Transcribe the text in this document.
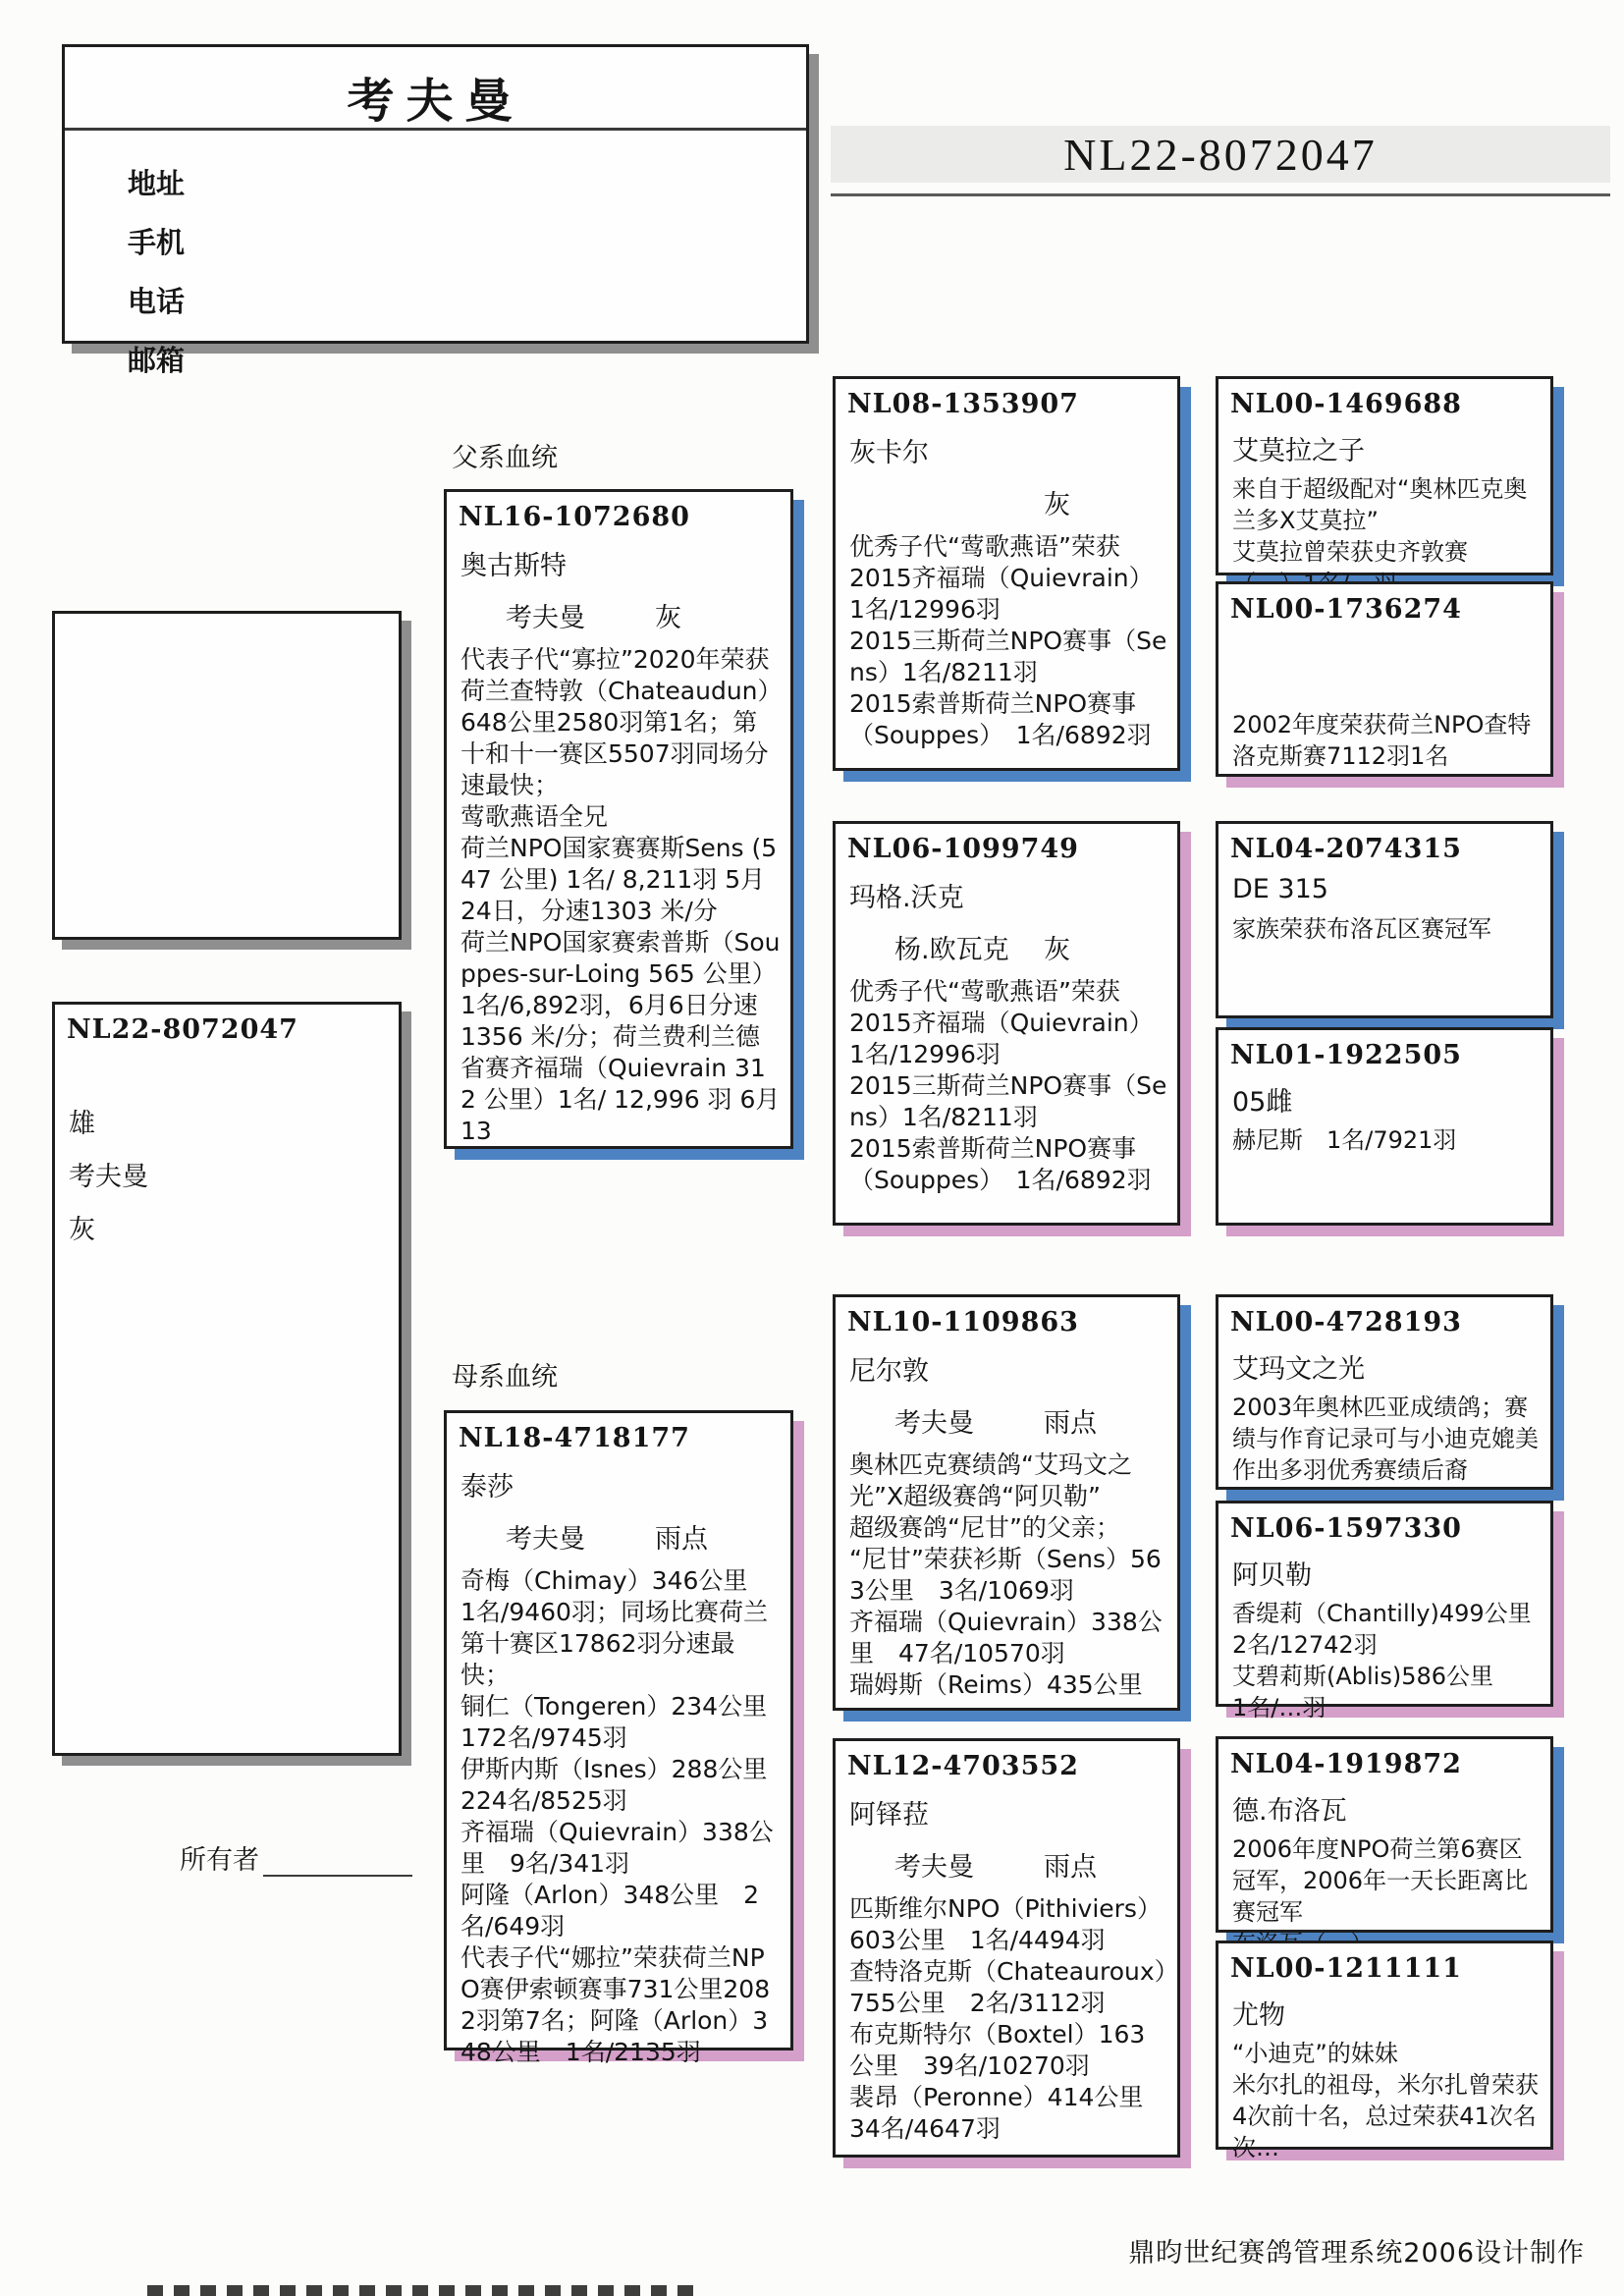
考夫曼
地址
手机
电话
邮箱
NL22-8072047
父系血统
母系血统
NL22-8072047
雄
考夫曼
灰
NL16-1072680
奥古斯特
考夫曼	灰
代表子代“寡拉”2020年荣获荷兰查特敦（Chateaudun）648公里2580羽第1名；第十和十一赛区5507羽同场分速最快；
莺歌燕语全兄
荷兰NPO国家赛赛斯Sens (547 公里) 1名/ 8,211羽 5月24日，分速1303 米/分
荷兰NPO国家赛索普斯（Souppes-sur-Loing 565 公里）1名/6,892羽，6月6日分速
1356 米/分；荷兰费利兰德省赛齐福瑞（Quievrain 312 公里）1名/ 12,996 羽 6月13
NL18-4718177
泰莎
考夫曼	雨点
奇梅（Chimay）346公里　1名/9460羽；同场比赛荷兰第十赛区17862羽分速最快；
铜仁（Tongeren）234公里 172名/9745羽
伊斯内斯（Isnes）288公里 224名/8525羽
齐福瑞（Quievrain）338公里　9名/341羽
阿隆（Arlon）348公里　2名/649羽
代表子代“娜拉”荣获荷兰NPO赛伊索顿赛事731公里2082羽第7名；阿隆（Arlon）348公里　1名/2135羽
NL08-1353907
灰卡尔
灰
优秀子代“莺歌燕语”荣获
2015齐福瑞（Quievrain）　1名/12996羽
2015三斯荷兰NPO赛事（Sens）1名/8211羽
2015索普斯荷兰NPO赛事（Souppes）　1名/6892羽
NL06-1099749
玛格.沃克
杨.欧瓦克	灰
优秀子代“莺歌燕语”荣获
2015齐福瑞（Quievrain）　1名/12996羽
2015三斯荷兰NPO赛事（Sens）1名/8211羽
2015索普斯荷兰NPO赛事（Souppes）　1名/6892羽
NL10-1109863
尼尔敦
考夫曼	雨点
奥林匹克赛绩鸽“艾玛文之光”X超级赛鸽“阿贝勒”
超级赛鸽“尼甘”的父亲；
“尼甘”荣获衫斯（Sens）563公里　3名/1069羽
齐福瑞（Quievrain）338公里　47名/10570羽
瑞姆斯（Reims）435公里
NL12-4703552
阿铎菈
考夫曼	雨点
匹斯维尔NPO（Pithiviers）603公里　1名/4494羽
查特洛克斯（Chateauroux）755公里　2名/3112羽
布克斯特尔（Boxtel）163公里　39名/10270羽
裴昂（Peronne）414公里　34名/4647羽
NL00-1469688
艾莫拉之子
来自于超级配对“奥林匹克奥兰多X艾莫拉”
艾莫拉曾荣获史齐敦赛
NL00-1736274
2002年度荣获荷兰NPO查特洛克斯赛7112羽1名
NL04-2074315
DE 315
家族荣获布洛瓦区赛冠军
NL01-1922505
05雌
赫尼斯　1名/7921羽
NL00-4728193
艾玛文之光
2003年奥林匹亚成绩鸽；赛绩与作育记录可与小迪克媲美
作出多羽优秀赛绩后裔
NL06-1597330
阿贝勒
香缇莉（Chantilly)499公里　2名/12742羽
艾碧莉斯(Ablis)586公里
1名/…羽
NL04-1919872
德.布洛瓦
2006年度NPO荷兰第6赛区冠军，2006年一天长距离比赛冠军
NL00-1211111
尤物
“小迪克”的妹妹
米尔扎的祖母，米尔扎曾荣获4次前十名，总过荣获41次名
次…
所有者
鼎昀世纪赛鸽管理系统2006设计制作
